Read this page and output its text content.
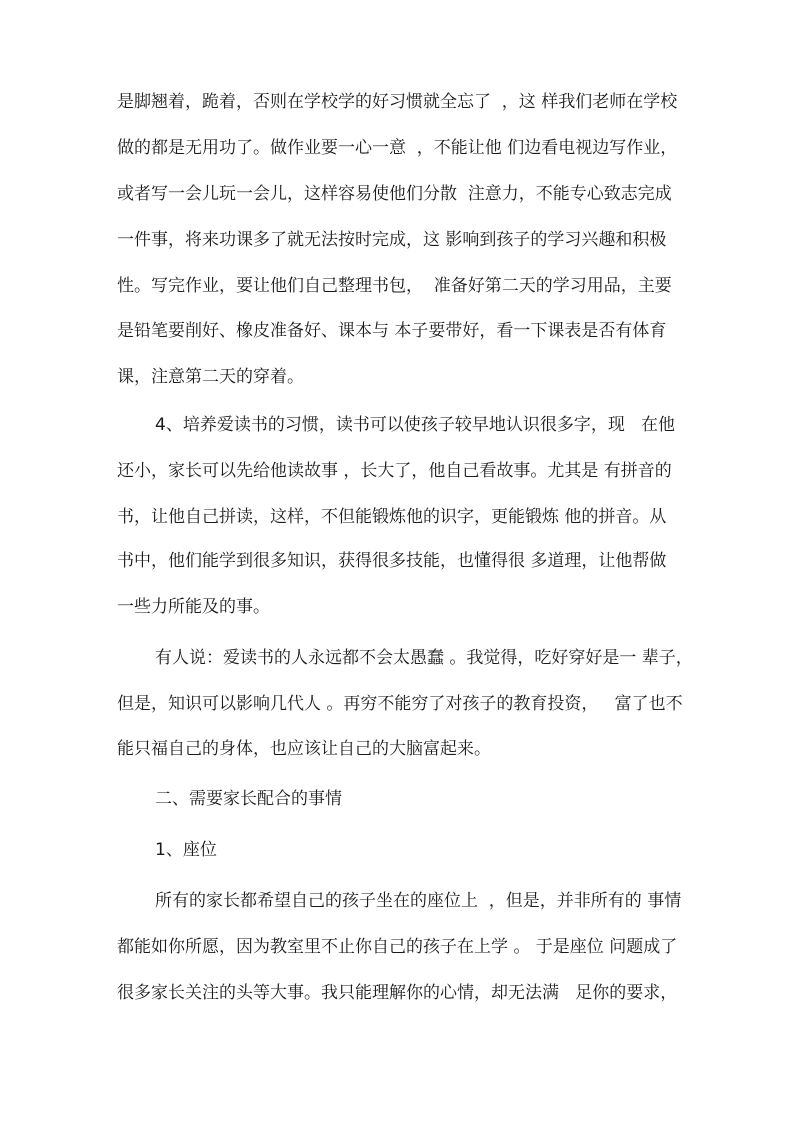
是脚翘着，跪着，否则在学校学的好习惯就全忘了  ，这 样我们老师在学校
做的都是无用功了。做作业要一心一意  ，不能让他 们边看电视边写作业，
或者写一会儿玩一会儿，这样容易使他们分散  注意力，不能专心致志完成
一件事，将来功课多了就无法按时完成，这 影响到孩子的学习兴趣和积极
性。写完作业，要让他们自己整理书包，  准备好第二天的学习用品，主要
是铅笔要削好、橡皮准备好、课本与 本子要带好，看一下课表是否有体育
课，注意第二天的穿着。
4、培养爱读书的习惯，读书可以使孩子较早地认识很多字，现   在他
还小，家长可以先给他读故事 ，长大了，他自己看故事。尤其是 有拼音的
书，让他自己拼读，这样，不但能锻炼他的识字，更能锻炼 他的拼音。从
书中，他们能学到很多知识，获得很多技能，也懂得很 多道理，让他帮做
一些力所能及的事。
有人说：爱读书的人永远都不会太愚蠢 。我觉得，吃好穿好是一 辈子，
但是，知识可以影响几代人 。再穷不能穷了对孩子的教育投资，   富了也不
能只福自己的身体，也应该让自己的大脑富起来。
二、需要家长配合的事情
1、座位
所有的家长都希望自己的孩子坐在的座位上  ，但是，并非所有的 事情
都能如你所愿，因为教室里不止你自己的孩子在上学 。 于是座位 问题成了
很多家长关注的头等大事。我只能理解你的心情，却无法满   足你的要求，
